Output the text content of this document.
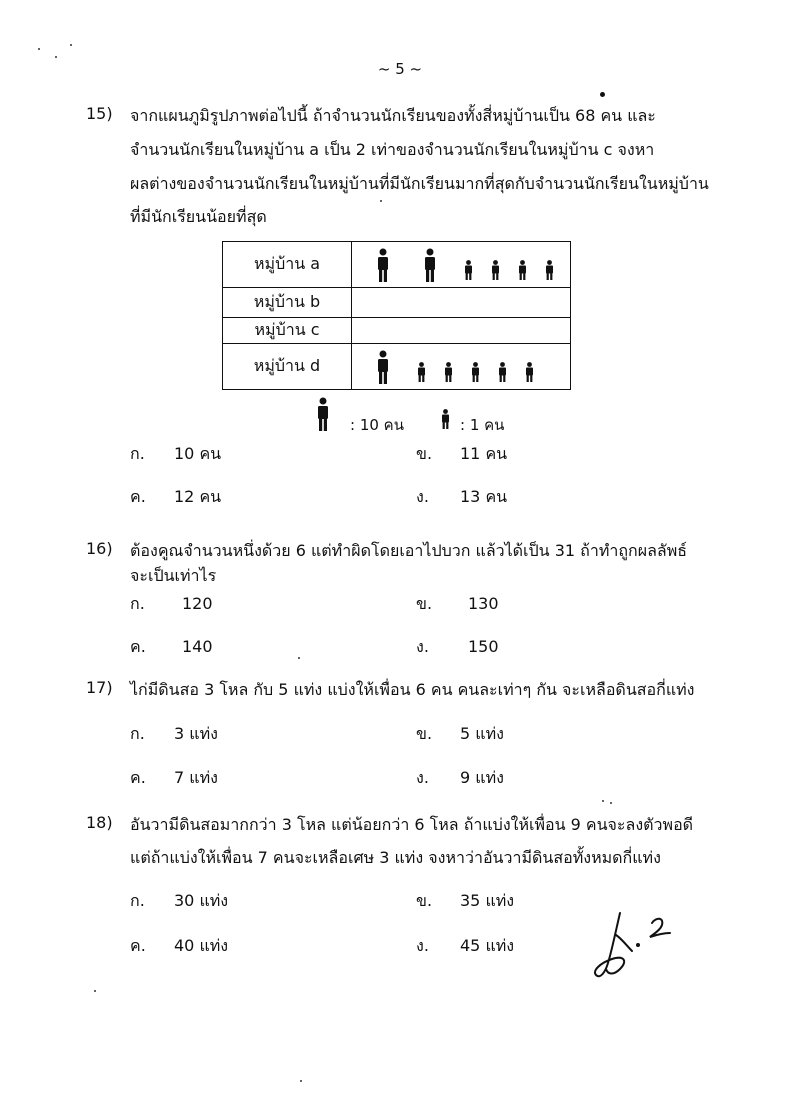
~ 5 ~
15) จากแผนภูมิรูปภาพต่อไปนี้ ถ้าจำนวนนักเรียนของทั้งสี่หมู่บ้านเป็น 68 คน และ
จำนวนนักเรียนในหมู่บ้าน a เป็น 2 เท่าของจำนวนนักเรียนในหมู่บ้าน c จงหา
ผลต่างของจำนวนนักเรียนในหมู่บ้านที่มีนักเรียนมากที่สุดกับจำนวนนักเรียนในหมู่บ้าน
ที่มีนักเรียนน้อยที่สุด
หมู่บ้าน a	

หมู่บ้าน b	
หมู่บ้าน c	
หมู่บ้าน d	
: 10 คน	: 1 คน
ก. 10 คน	ข. 11 คน
ค. 12 คน	ง. 13 คน
16) ต้องคูณจำนวนหนึ่งด้วย 6 แต่ทำผิดโดยเอาไปบวก แล้วได้เป็น 31 ถ้าทำถูกผลลัพธ์
จะเป็นเท่าไร
ก. 120	ข. 130
ค. 140	ง. 150
17) ไก่มีดินสอ 3 โหล กับ 5 แท่ง แบ่งให้เพื่อน 6 คน คนละเท่าๆ กัน จะเหลือดินสอกี่แท่ง
ก. 3 แท่ง	ข. 5 แท่ง
ค. 7 แท่ง	ง. 9 แท่ง
18) อันวามีดินสอมากกว่า 3 โหล แต่น้อยกว่า 6 โหล ถ้าแบ่งให้เพื่อน 9 คนจะลงตัวพอดี
แต่ถ้าแบ่งให้เพื่อน 7 คนจะเหลือเศษ 3 แท่ง จงหาว่าอันวามีดินสอทั้งหมดกี่แท่ง
ก. 30 แท่ง	ข. 35 แท่ง
ค. 40 แท่ง	ง. 45 แท่ง
